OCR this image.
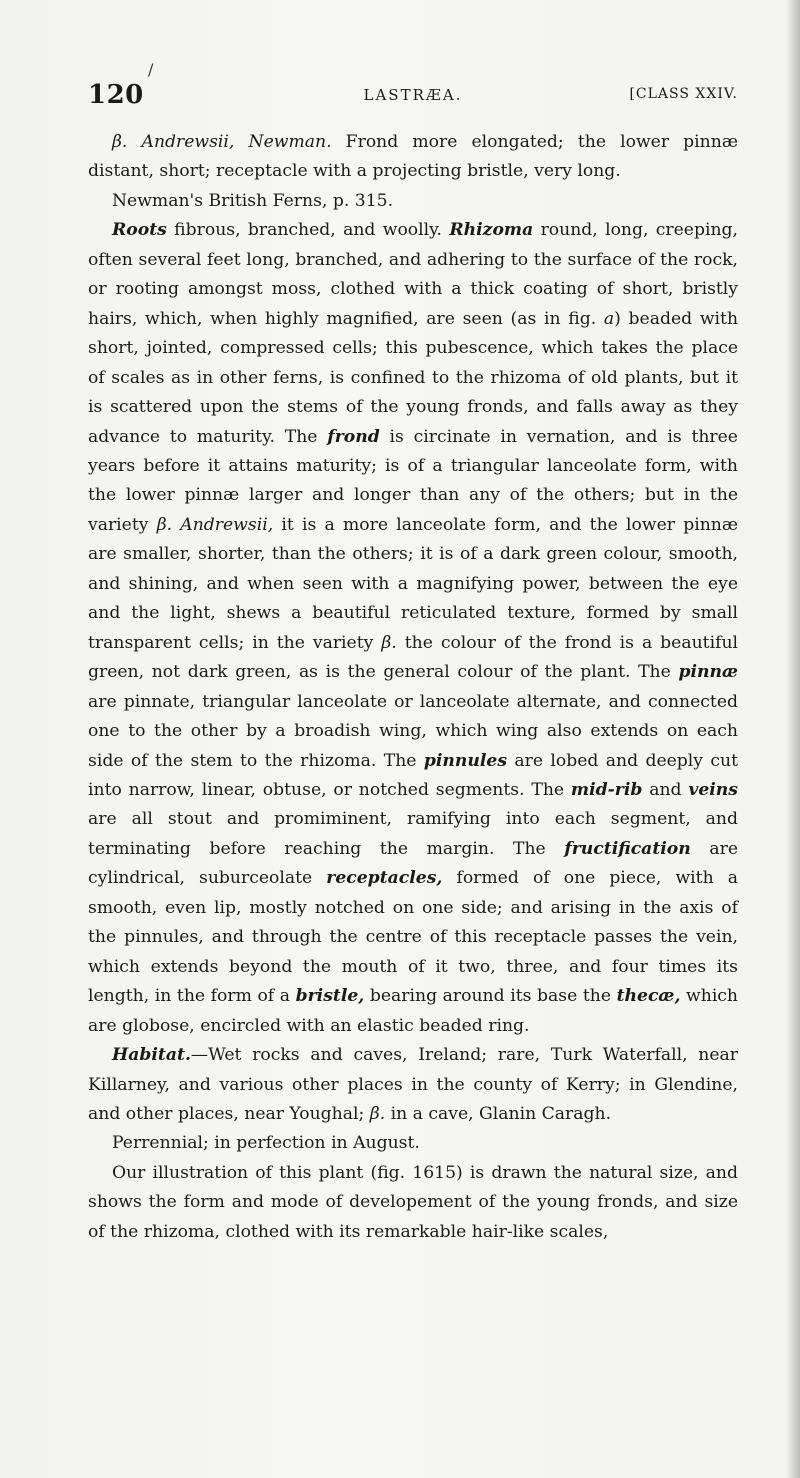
/
120	LASTRÆA.	[CLASS XXIV.

β. Andrewsii, Newman. Frond more elongated; the lower pinnæ distant, short; receptacle with a projecting bristle, very long.

Newman's British Ferns, p. 315.

Roots fibrous, branched, and woolly. Rhizoma round, long, creeping, often several feet long, branched, and adhering to the surface of the rock, or rooting amongst moss, clothed with a thick coating of short, bristly hairs, which, when highly magnified, are seen (as in fig. a) beaded with short, jointed, compressed cells; this pubescence, which takes the place of scales as in other ferns, is confined to the rhizoma of old plants, but it is scattered upon the stems of the young fronds, and falls away as they advance to maturity. The frond is circinate in vernation, and is three years before it attains maturity; is of a triangular lanceolate form, with the lower pinnæ larger and longer than any of the others; but in the variety β. Andrewsii, it is a more lanceolate form, and the lower pinnæ are smaller, shorter, than the others; it is of a dark green colour, smooth, and shining, and when seen with a magnifying power, between the eye and the light, shews a beautiful reticulated texture, formed by small transparent cells; in the variety β. the colour of the frond is a beautiful green, not dark green, as is the general colour of the plant. The pinnæ are pinnate, triangular lanceolate or lanceolate alternate, and connected one to the other by a broadish wing, which wing also extends on each side of the stem to the rhizoma. The pinnules are lobed and deeply cut into narrow, linear, obtuse, or notched segments. The mid-rib and veins are all stout and promiminent, ramifying into each segment, and terminating before reaching the margin. The fructification are cylindrical, suburceolate receptacles, formed of one piece, with a smooth, even lip, mostly notched on one side; and arising in the axis of the pinnules, and through the centre of this receptacle passes the vein, which extends beyond the mouth of it two, three, and four times its length, in the form of a bristle, bearing around its base the thecæ, which are globose, encircled with an elastic beaded ring.

Habitat.—Wet rocks and caves, Ireland; rare, Turk Waterfall, near Killarney, and various other places in the county of Kerry; in Glendine, and other places, near Youghal; β. in a cave, Glanin Caragh.

Perrennial; in perfection in August.

Our illustration of this plant (fig. 1615) is drawn the natural size, and shows the form and mode of developement of the young fronds, and size of the rhizoma, clothed with its remarkable hair-like scales,
